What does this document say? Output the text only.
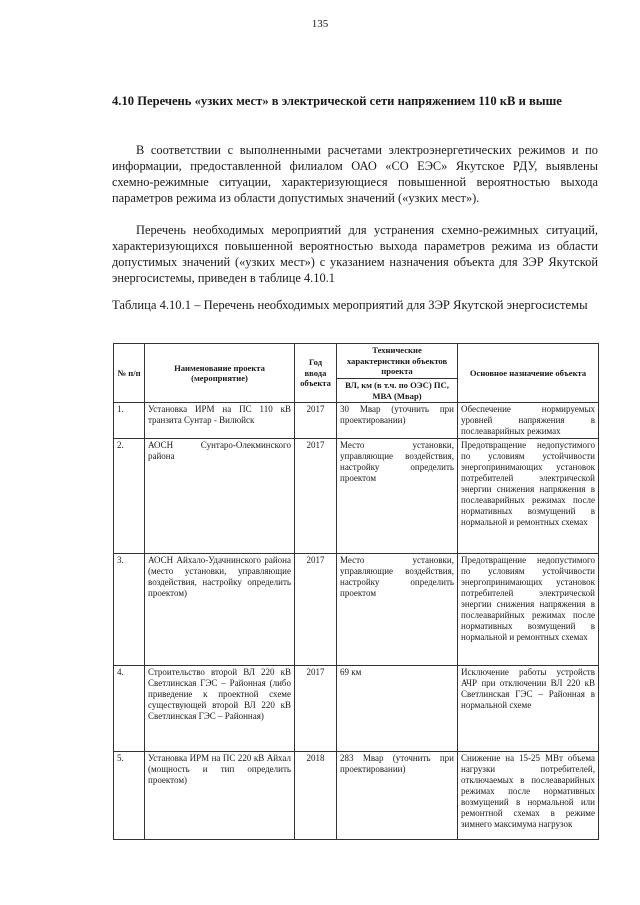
135

4.10 Перечень «узких мест» в электрической сети напряжением 110 кВ и выше

В соответствии с выполненными расчетами электроэнергетических режимов и по информации, предоставленной филиалом ОАО «СО ЕЭС» Якутское РДУ, выявлены схемно-режимные ситуации, характеризующиеся повышенной вероятностью выхода параметров режима из области допустимых значений («узких мест»).

Перечень необходимых мероприятий для устранения схемно-режимных ситуаций, характеризующихся повышенной вероятностью выхода параметров режима из области допустимых значений («узких мест») с указанием назначения объекта для ЗЭР Якутской энергосистемы, приведен в таблице 4.10.1

Таблица 4.10.1 – Перечень необходимых мероприятий для ЗЭР Якутской энергосистемы

№ п/п	Наименование проекта (мероприятие)	Год ввода объекта	Технические характеристики объектов проекта	Основное назначение объекта
			ВЛ, км (в т.ч. по ОЭС) ПС, МВА (Мвар)	
1.	Установка ИРМ на ПС 110 кВ транзита Сунтар - Вилюйск	2017	30 Мвар (уточнить при проектировании)	Обеспечение нормируемых уровней напряжения в послеаварийных режимах
2.	АОСН Сунтаро-Олекминского района	2017	Место установки, управляющие воздействия, настройку определить проектом	Предотвращение недопустимого по условиям устойчивости энергопринимающих установок потребителей электрической энергии снижения напряжения в послеаварийных режимах после нормативных возмущений в нормальной и ремонтных схемах
3.	АОСН Айхало-Удачнинского района (место установки, управляющие воздействия, настройку определить проектом)	2017	Место установки, управляющие воздействия, настройку определить проектом	Предотвращение недопустимого по условиям устойчивости энергопринимающих установок потребителей электрической энергии снижения напряжения в послеаварийных режимах после нормативных возмущений в нормальной и ремонтных схемах
4.	Строительство второй ВЛ 220 кВ Светлинская ГЭС – Районная (либо приведение к проектной схеме существующей второй ВЛ 220 кВ Светлинская ГЭС – Районная)	2017	69 км	Исключение работы устройств АЧР при отключении ВЛ 220 кВ Светлинская ГЭС – Районная в нормальной схеме
5.	Установка ИРМ на ПС 220 кВ Айхал (мощность и тип определить проектом)	2018	283 Мвар (уточнить при проектировании)	Снижение на 15-25 МВт объема нагрузки потребителей, отключаемых в послеаварийных режимах после нормативных возмущений в нормальной или ремонтной схемах в режиме зимнего максимума нагрузок
